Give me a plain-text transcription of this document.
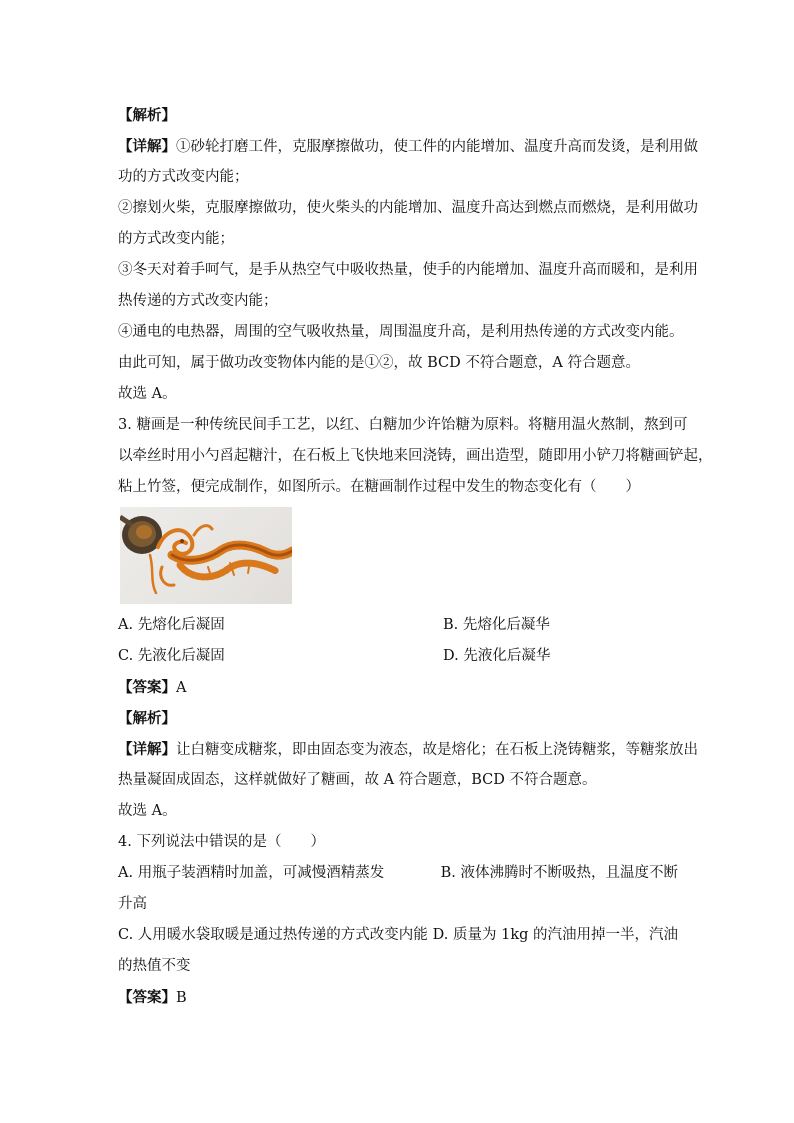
【解析】
【详解】①砂轮打磨工件，克服摩擦做功，使工件的内能增加、温度升高而发烫，是利用做
功的方式改变内能；
②擦划火柴，克服摩擦做功，使火柴头的内能增加、温度升高达到燃点而燃烧，是利用做功
的方式改变内能；
③冬天对着手呵气，是手从热空气中吸收热量，使手的内能增加、温度升高而暖和，是利用
热传递的方式改变内能；
④通电的电热器，周围的空气吸收热量，周围温度升高，是利用热传递的方式改变内能。
由此可知，属于做功改变物体内能的是①②，故 BCD 不符合题意，A 符合题意。
故选 A。
3. 糖画是一种传统民间手工艺，以红、白糖加少许饴糖为原料。将糖用温火熬制，熬到可
以牵丝时用小勺舀起糖汁，在石板上飞快地来回浇铸，画出造型，随即用小铲刀将糖画铲起，
粘上竹签，便完成制作，如图所示。在糖画制作过程中发生的物态变化有（　　）
A. 先熔化后凝固	B. 先熔化后凝华
C. 先液化后凝固	D. 先液化后凝华
【答案】A
【解析】
【详解】让白糖变成糖浆，即由固态变为液态，故是熔化；在石板上浇铸糖浆，等糖浆放出
热量凝固成固态，这样就做好了糖画，故 A 符合题意，BCD 不符合题意。
故选 A。
4. 下列说法中错误的是（　　）
A. 用瓶子装酒精时加盖，可减慢酒精蒸发	B. 液体沸腾时不断吸热，且温度不断
升高
C. 人用暖水袋取暖是通过热传递的方式改变内能 D. 质量为 1kg 的汽油用掉一半，汽油
的热值不变
【答案】B
